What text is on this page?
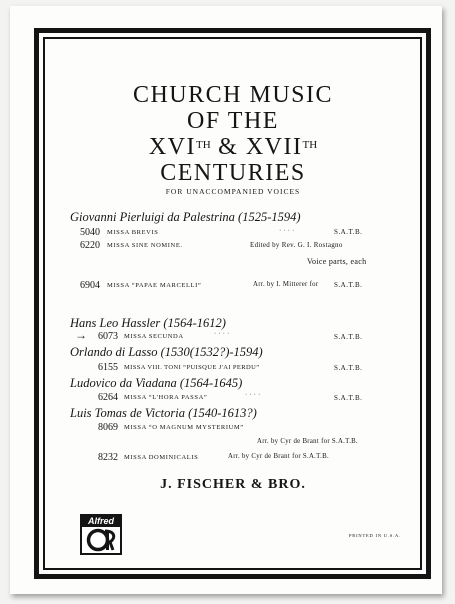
CHURCH MUSIC
OF THE
XVITH & XVIITH
CENTURIES
FOR UNACCOMPANIED VOICES
Giovanni Pierluigi da Palestrina (1525-1594)
5040 MISSA BREVIS	· · · ·	S.A.T.B.
6220 MISSA SINE NOMINE.	Edited by Rev. G. I. Rostagno
Voice parts, each
6904 MISSA “PAPAE MARCELLI”	Arr. by I. Mitterer for S.A.T.B.
Hans Leo Hassler (1564-1612)
→ 6073 MISSA SECUNDA	· · · ·	S.A.T.B.
Orlando di Lasso (1530(1532?)-1594)
6155 MISSA VIII. TONI “PUISQUE J'AI PERDU”	S.A.T.B.
Ludovico da Viadana (1564-1645)
6264 MISSA “L'HORA PASSA”	· · · ·	S.A.T.B.
Luis Tomas de Victoria (1540-1613?)
8069 MISSA “O MAGNUM MYSTERIUM”
Arr. by Cyr de Brant for S.A.T.B.
8232 MISSA DOMINICALIS	Arr. by Cyr de Brant for S.A.T.B.
J. FISCHER & BRO.
Alfred
PRINTED IN U.S.A.
